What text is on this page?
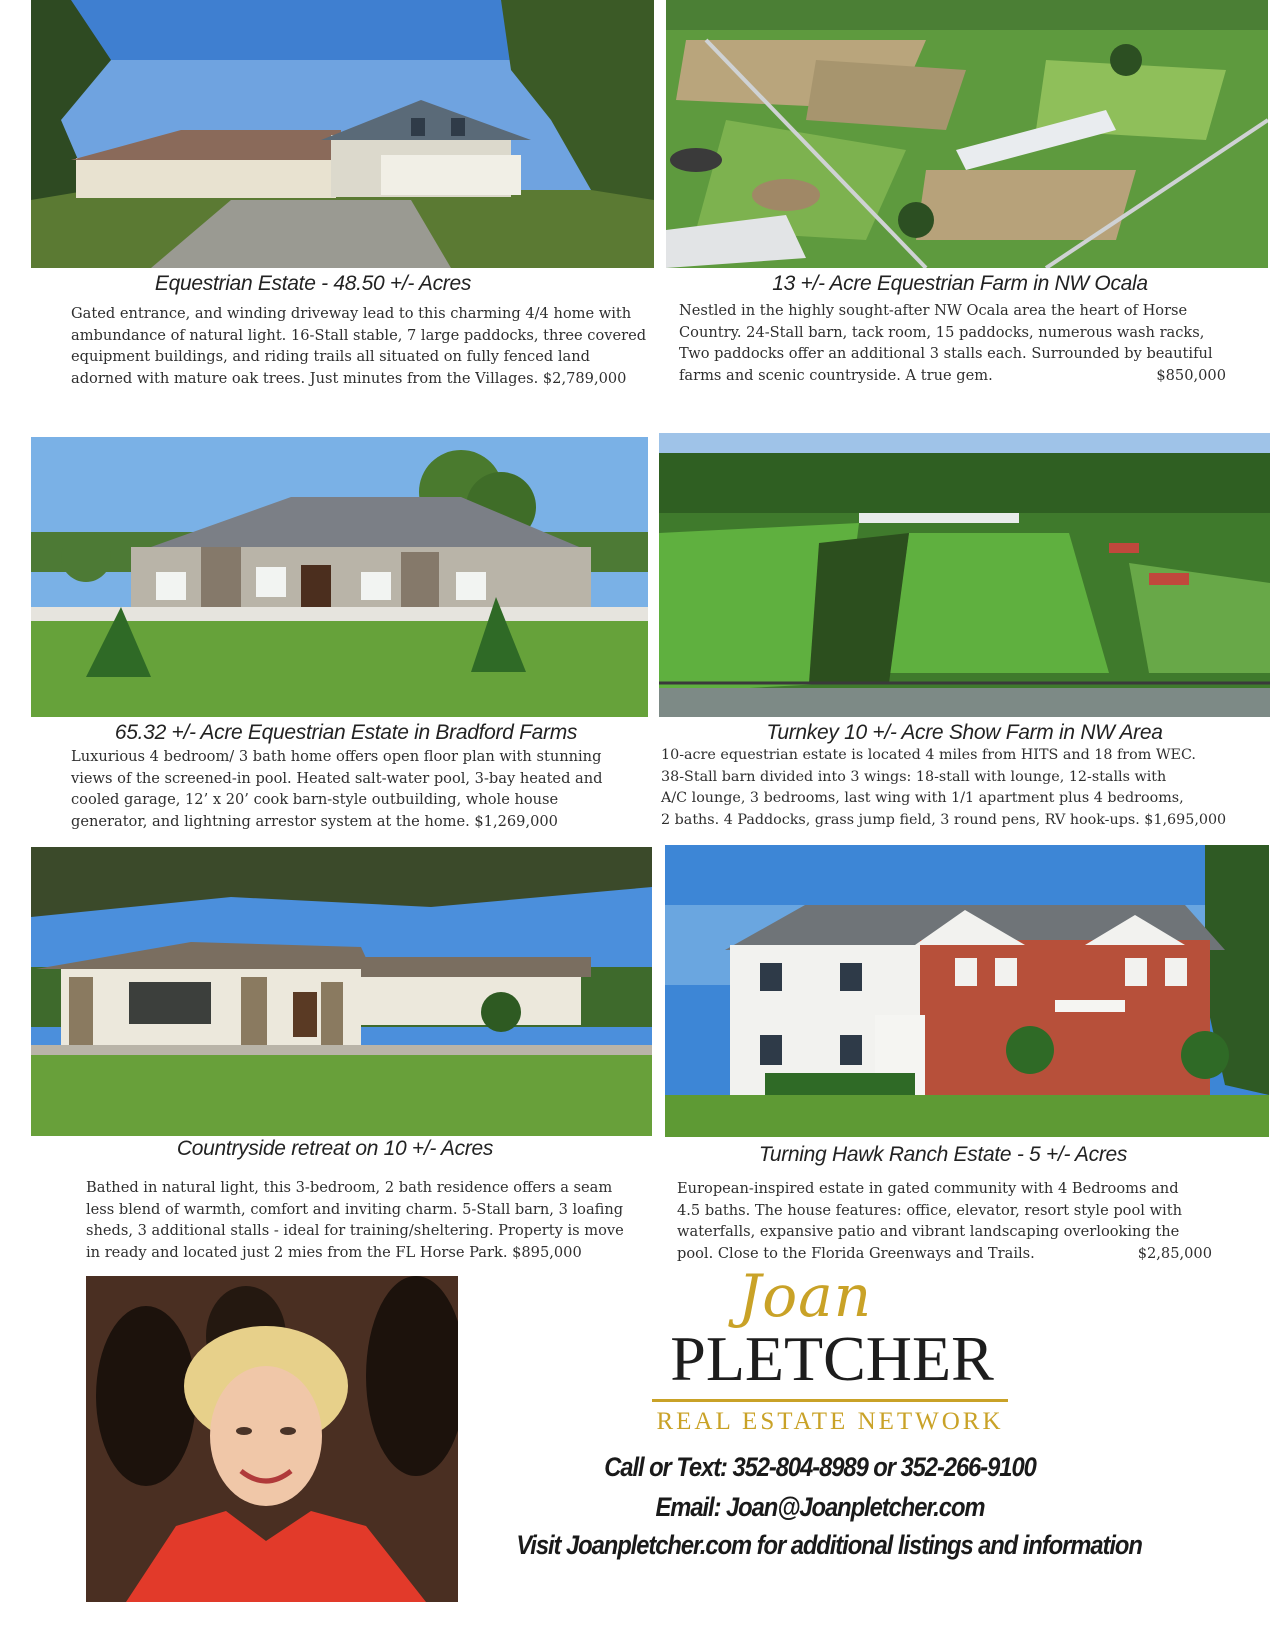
Equestrian Estate - 48.50 +/- Acres

Gated entrance, and winding driveway lead to this charming 4/4 home with

ambundance of natural light. 16-Stall stable, 7 large paddocks, three covered

equipment buildings, and riding trails all situated on fully fenced land

adorned with mature oak trees. Just minutes from the Villages. $2,789,000

13 +/- Acre Equestrian Farm in NW Ocala

Nestled in the highly sought-after NW Ocala area the heart of Horse

Country. 24-Stall barn, tack room, 15 paddocks, numerous wash racks,

Two paddocks offer an additional 3 stalls each. Surrounded by beautiful

farms and scenic countryside. A true gem.	$850,000

65.32 +/- Acre Equestrian Estate in Bradford Farms

Luxurious 4 bedroom/ 3 bath home offers open floor plan with stunning

views of the screened-in pool. Heated salt-water pool, 3-bay heated and

cooled garage, 12’ x 20’ cook barn-style outbuilding, whole house

generator, and lightning arrestor system at the home. $1,269,000

Turnkey 10 +/- Acre Show Farm in NW Area

10-acre equestrian estate is located 4 miles from HITS and 18 from WEC.

38-Stall barn divided into 3 wings: 18-stall with lounge, 12-stalls with

A/C lounge, 3 bedrooms, last wing with 1/1 apartment plus 4 bedrooms,

2 baths. 4 Paddocks, grass jump field, 3 round pens, RV hook-ups. $1,695,000

Countryside retreat on 10 +/- Acres

Bathed in natural light, this 3-bedroom, 2 bath residence offers a seam

less blend of warmth, comfort and inviting charm. 5-Stall barn, 3 loafing

sheds, 3 additional stalls - ideal for training/sheltering. Property is move

in ready and located just 2 mies from the FL Horse Park. $895,000

Turning Hawk Ranch Estate - 5 +/- Acres

European-inspired estate in gated community with 4 Bedrooms and

4.5 baths. The house features: office, elevator, resort style pool with

waterfalls, expansive patio and vibrant landscaping overlooking the

pool. Close to the Florida Greenways and Trails.	$2,85,000

Joan
PLETCHER
REAL ESTATE NETWORK
Call or Text: 352-804-8989 or 352-266-9100
Email: Joan@Joanpletcher.com
Visit Joanpletcher.com for additional listings and information
